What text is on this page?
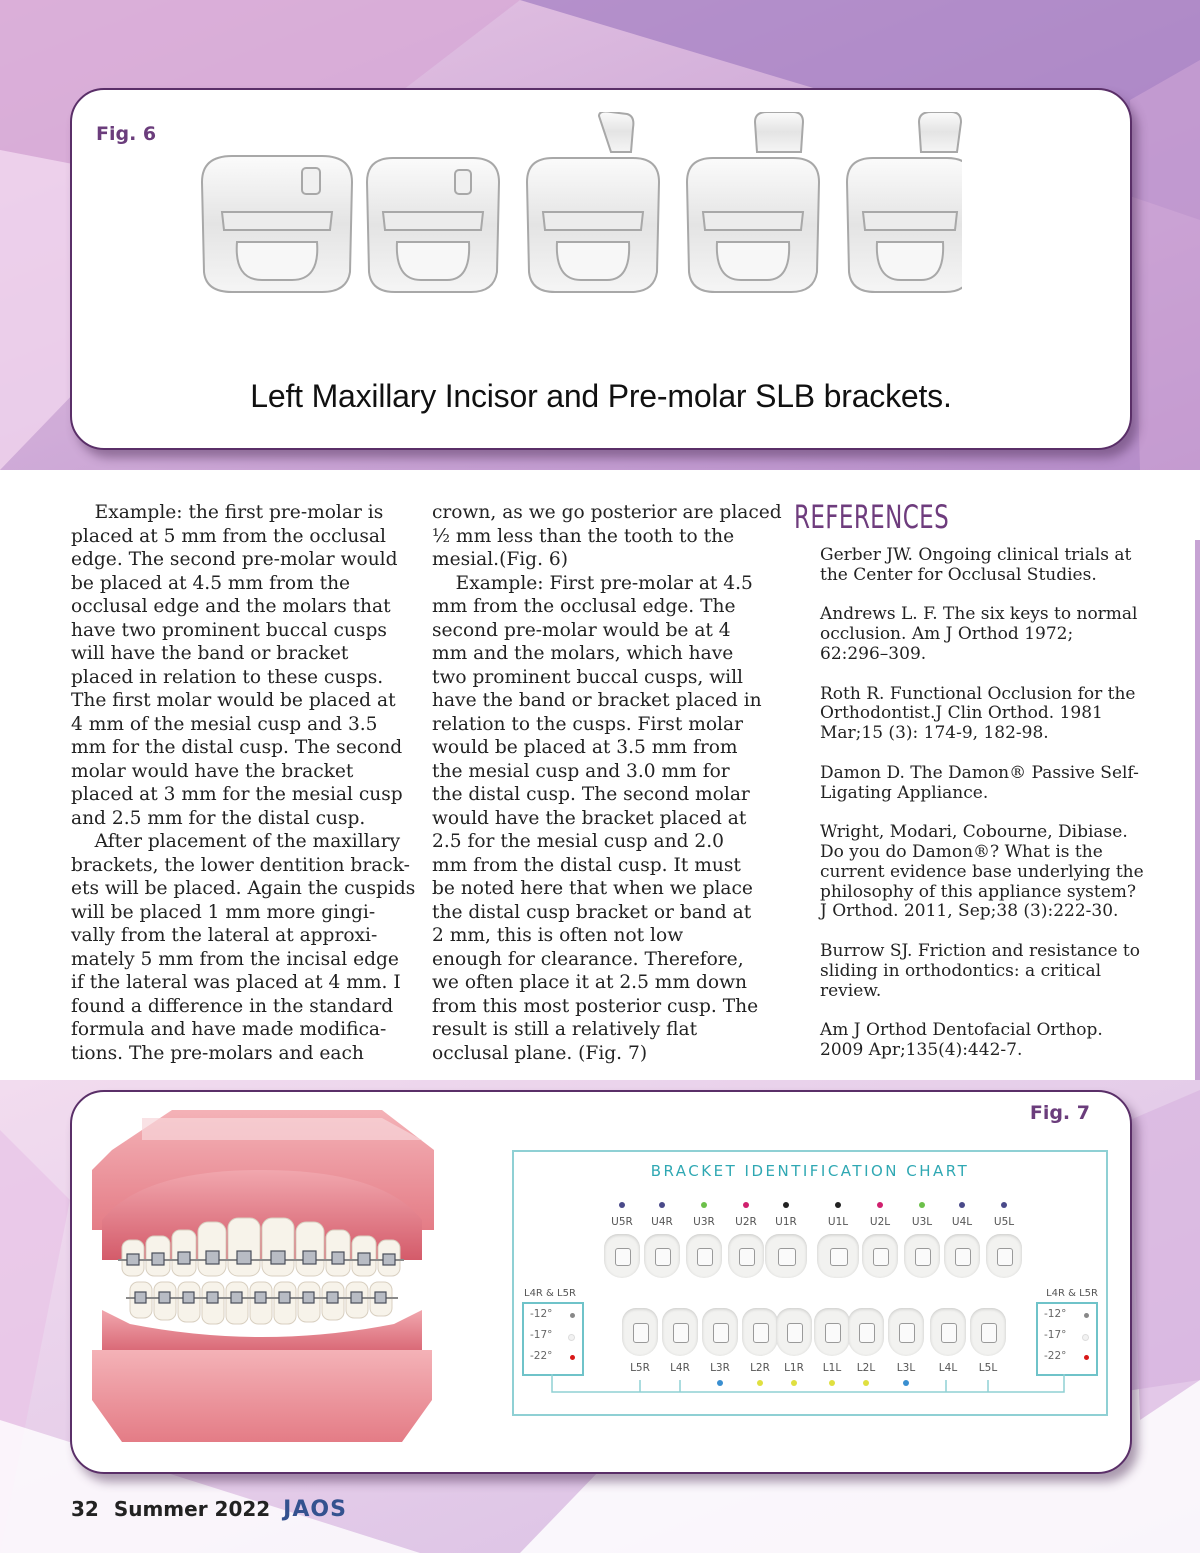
Fig. 6
Left Maxillary Incisor and Pre-molar SLB brackets.
Example: the first pre-molar is
placed at 5 mm from the occlusal
edge. The second pre-molar would
be placed at 4.5 mm from the
occlusal edge and the molars that
have two prominent buccal cusps
will have the band or bracket
placed in relation to these cusps.
The first molar would be placed at
4 mm of the mesial cusp and 3.5
mm for the distal cusp. The second
molar would have the bracket
placed at 3 mm for the mesial cusp
and 2.5 mm for the distal cusp.
After placement of the maxillary
brackets, the lower dentition brack-
ets will be placed. Again the cuspids
will be placed 1 mm more gingi-
vally from the lateral at approxi-
mately 5 mm from the incisal edge
if the lateral was placed at 4 mm. I
found a difference in the standard
formula and have made modifica-
tions. The pre-molars and each
crown, as we go posterior are placed
½ mm less than the tooth to the
mesial.(Fig. 6)
Example: First pre-molar at 4.5
mm from the occlusal edge. The
second pre-molar would be at 4
mm and the molars, which have
two prominent buccal cusps, will
have the band or bracket placed in
relation to the cusps. First molar
would be placed at 3.5 mm from
the mesial cusp and 3.0 mm for
the distal cusp. The second molar
would have the bracket placed at
2.5 for the mesial cusp and 2.0
mm from the distal cusp. It must
be noted here that when we place
the distal cusp bracket or band at
2 mm, this is often not low
enough for clearance. Therefore,
we often place it at 2.5 mm down
from this most posterior cusp. The
result is still a relatively flat
occlusal plane. (Fig. 7)
REFERENCES
Gerber JW. Ongoing clinical trials at
the Center for Occlusal Studies.
Andrews L. F. The six keys to normal
occlusion. Am J Orthod 1972;
62:296–309.
Roth R. Functional Occlusion for the
Orthodontist.J Clin Orthod. 1981
Mar;15 (3): 174-9, 182-98.
Damon D. The Damon® Passive Self-
Ligating Appliance.
Wright, Modari, Cobourne, Dibiase.
Do you do Damon®? What is the
current evidence base underlying the
philosophy of this appliance system?
J Orthod. 2011, Sep;38 (3):222-30.
Burrow SJ. Friction and resistance to
sliding in orthodontics: a critical
review.
Am J Orthod Dentofacial Orthop.
2009 Apr;135(4):442-7.
Fig. 7
BRACKET IDENTIFICATION CHART
U5R	U4R	U3R	U2R	U1R	U1L	U2L	U3L	U4L	U5L
L5R	L4R	L3R	L2R	L1R	L1L	L2L	L3L	L4L	L5L
L4R & L5R
-12°
-17°
-22°
L4R & L5R
-12°
-17°
-22°
32 Summer 2022 JAOS
